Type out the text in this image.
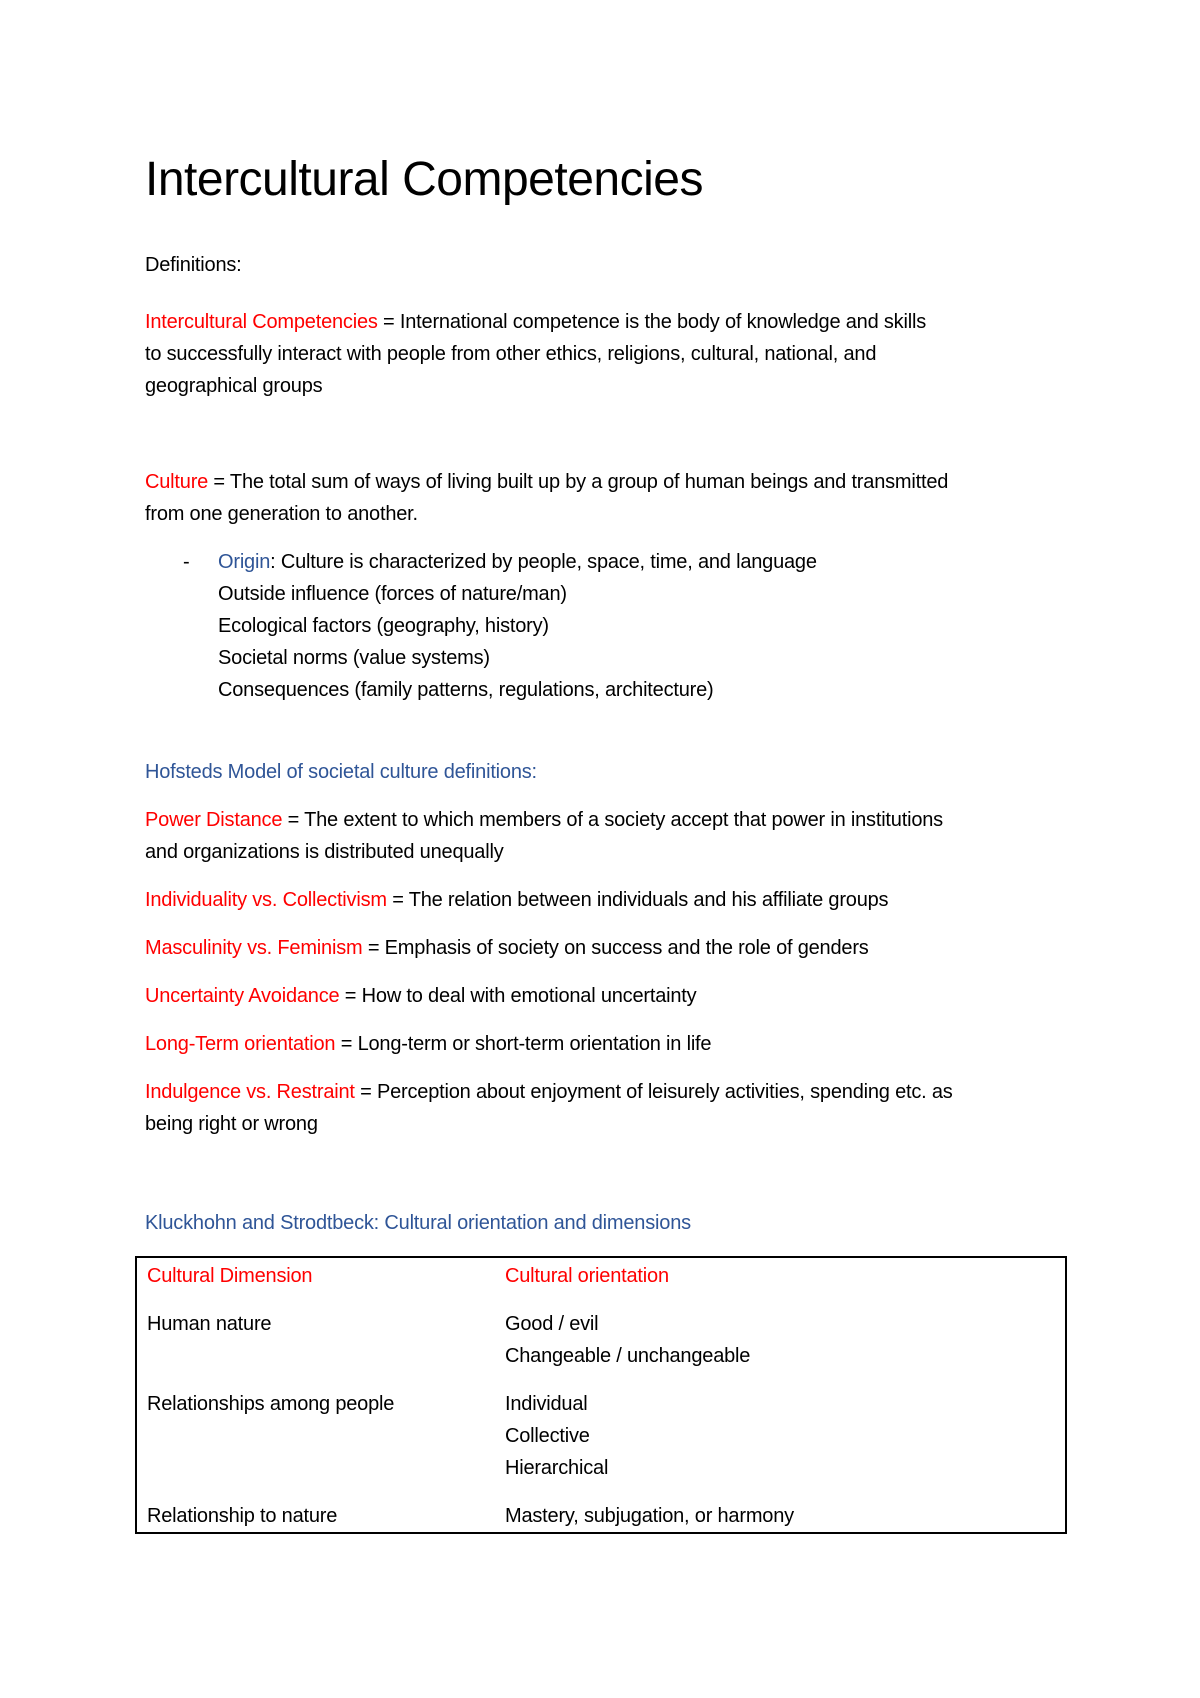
Intercultural Competencies
Definitions:
Intercultural Competencies = International competence is the body of knowledge and skills
to successfully interact with people from other ethics, religions, cultural, national, and
geographical groups
Culture = The total sum of ways of living built up by a group of human beings and transmitted
from one generation to another.
- Origin: Culture is characterized by people, space, time, and language
Outside influence (forces of nature/man)
Ecological factors (geography, history)
Societal norms (value systems)
Consequences (family patterns, regulations, architecture)
Hofsteds Model of societal culture definitions:
Power Distance = The extent to which members of a society accept that power in institutions
and organizations is distributed unequally
Individuality vs. Collectivism = The relation between individuals and his affiliate groups
Masculinity vs. Feminism = Emphasis of society on success and the role of genders
Uncertainty Avoidance = How to deal with emotional uncertainty
Long-Term orientation = Long-term or short-term orientation in life
Indulgence vs. Restraint = Perception about enjoyment of leisurely activities, spending etc. as
being right or wrong
Kluckhohn and Strodtbeck: Cultural orientation and dimensions
Cultural Dimension	Cultural orientation
Human nature	Good / evil
Changeable / unchangeable

Relationships among people	Individual
Collective
Hierarchical

Relationship to nature	Mastery, subjugation, or harmony
